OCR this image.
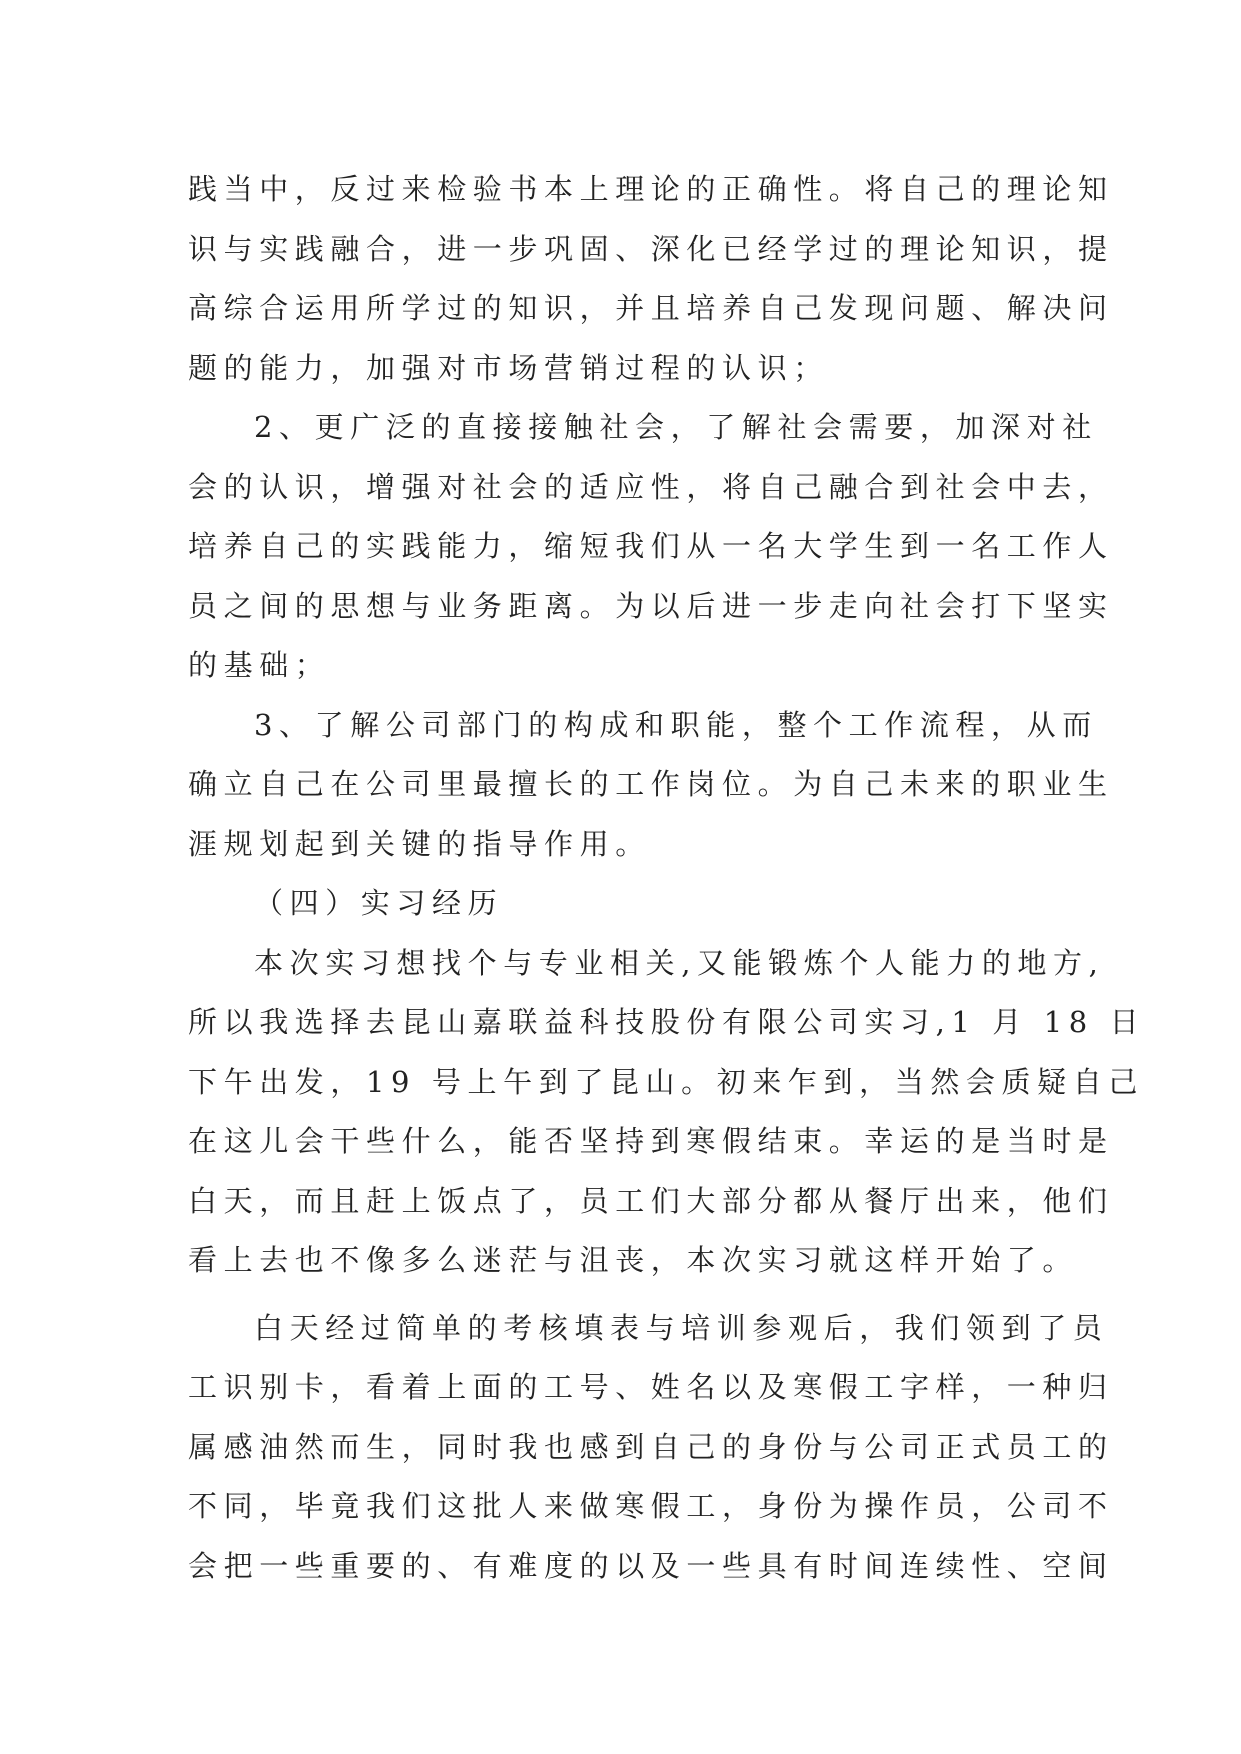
践当中，反过来检验书本上理论的正确性。将自己的理论知
识与实践融合，进一步巩固、深化已经学过的理论知识，提
高综合运用所学过的知识，并且培养自己发现问题、解决问
题的能力，加强对市场营销过程的认识；
2、更广泛的直接接触社会，了解社会需要，加深对社
会的认识，增强对社会的适应性，将自己融合到社会中去，
培养自己的实践能力，缩短我们从一名大学生到一名工作人
员之间的思想与业务距离。为以后进一步走向社会打下坚实
的基础；
3、了解公司部门的构成和职能，整个工作流程，从而
确立自己在公司里最擅长的工作岗位。为自己未来的职业生
涯规划起到关键的指导作用。
（四）实习经历
本次实习想找个与专业相关,又能锻炼个人能力的地方,
所以我选择去昆山嘉联益科技股份有限公司实习,1 月 18 日
下午出发，19 号上午到了昆山。初来乍到，当然会质疑自己
在这儿会干些什么，能否坚持到寒假结束。幸运的是当时是
白天，而且赶上饭点了，员工们大部分都从餐厅出来，他们
看上去也不像多么迷茫与沮丧，本次实习就这样开始了。
白天经过简单的考核填表与培训参观后，我们领到了员
工识别卡，看着上面的工号、姓名以及寒假工字样，一种归
属感油然而生，同时我也感到自己的身份与公司正式员工的
不同，毕竟我们这批人来做寒假工，身份为操作员，公司不
会把一些重要的、有难度的以及一些具有时间连续性、空间
